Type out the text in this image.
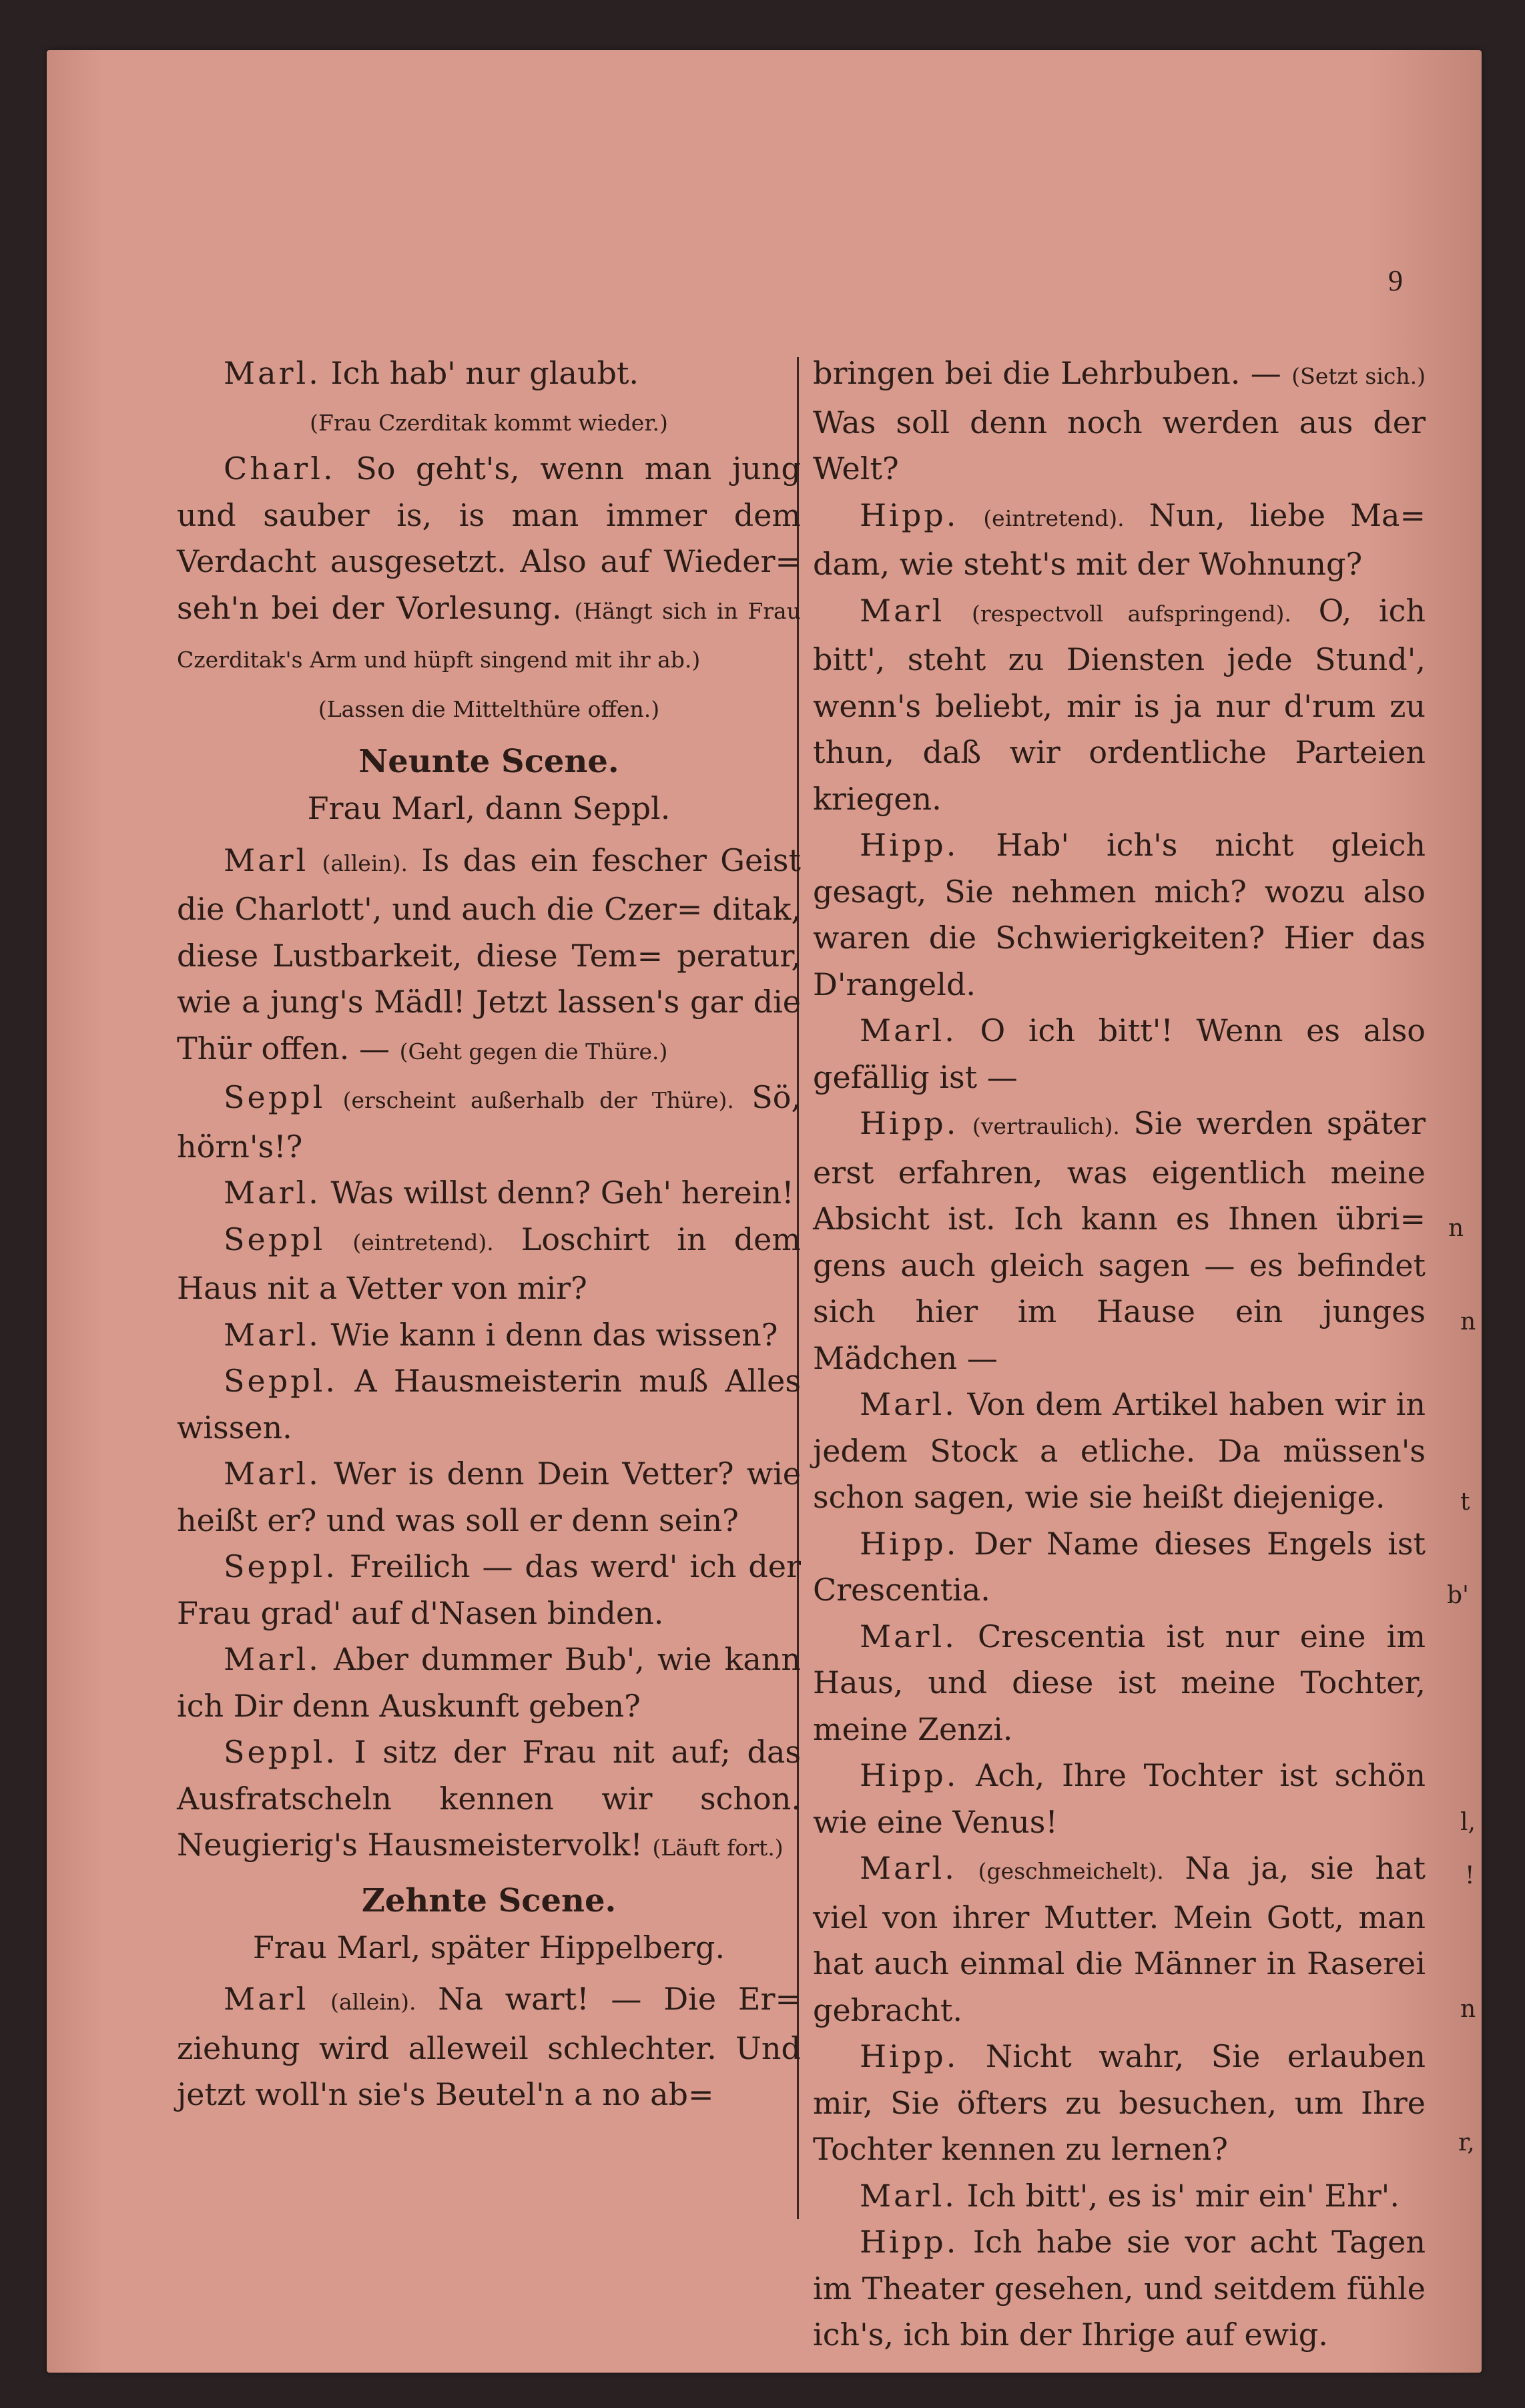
9

Marl. Ich hab' nur glaubt.

(Frau Czerditak kommt wieder.)

Charl. So geht's, wenn man jung und sauber is, is man immer dem Verdacht ausgesetzt. Also auf Wieder= seh'n bei der Vorlesung. (Hängt sich in Frau Czerditak's Arm und hüpft singend mit ihr ab.)

(Lassen die Mittelthüre offen.)

Neunte Scene.

Frau Marl, dann Seppl.

Marl (allein). Is das ein fescher Geist die Charlott', und auch die Czer= ditak, diese Lustbarkeit, diese Tem= peratur, wie a jung's Mädl! Jetzt lassen's gar die Thür offen. — (Geht gegen die Thüre.)

Seppl (erscheint außerhalb der Thüre). Sö, hörn's!?

Marl. Was willst denn? Geh' herein!

Seppl (eintretend). Loschirt in dem Haus nit a Vetter von mir?

Marl. Wie kann i denn das wissen?

Seppl. A Hausmeisterin muß Alles wissen.

Marl. Wer is denn Dein Vetter? wie heißt er? und was soll er denn sein?

Seppl. Freilich — das werd' ich der Frau grad' auf d'Nasen binden.

Marl. Aber dummer Bub', wie kann ich Dir denn Auskunft geben?

Seppl. I sitz der Frau nit auf; das Ausfratscheln kennen wir schon. Neugierig's Hausmeistervolk! (Läuft fort.)

Zehnte Scene.

Frau Marl, später Hippelberg.

Marl (allein). Na wart! — Die Er= ziehung wird alleweil schlechter. Und jetzt woll'n sie's Beutel'n a no ab=

bringen bei die Lehrbuben. — (Setzt sich.) Was soll denn noch werden aus der Welt?

Hipp. (eintretend). Nun, liebe Ma= dam, wie steht's mit der Wohnung?

Marl (respectvoll aufspringend). O, ich bitt', steht zu Diensten jede Stund', wenn's beliebt, mir is ja nur d'rum zu thun, daß wir ordentliche Parteien kriegen.

Hipp. Hab' ich's nicht gleich gesagt, Sie nehmen mich? wozu also waren die Schwierigkeiten? Hier das D'rangeld.

Marl. O ich bitt'! Wenn es also gefällig ist —

Hipp. (vertraulich). Sie werden später erst erfahren, was eigentlich meine Absicht ist. Ich kann es Ihnen übri= gens auch gleich sagen — es befindet sich hier im Hause ein junges Mädchen —

Marl. Von dem Artikel haben wir in jedem Stock a etliche. Da müssen's schon sagen, wie sie heißt diejenige.

Hipp. Der Name dieses Engels ist Crescentia.

Marl. Crescentia ist nur eine im Haus, und diese ist meine Tochter, meine Zenzi.

Hipp. Ach, Ihre Tochter ist schön wie eine Venus!

Marl. (geschmeichelt). Na ja, sie hat viel von ihrer Mutter. Mein Gott, man hat auch einmal die Männer in Raserei gebracht.

Hipp. Nicht wahr, Sie erlauben mir, Sie öfters zu besuchen, um Ihre Tochter kennen zu lernen?

Marl. Ich bitt', es is' mir ein' Ehr'.

Hipp. Ich habe sie vor acht Tagen im Theater gesehen, und seitdem fühle ich's, ich bin der Ihrige auf ewig.

n
n
t
b'
l,
!
n
r,
